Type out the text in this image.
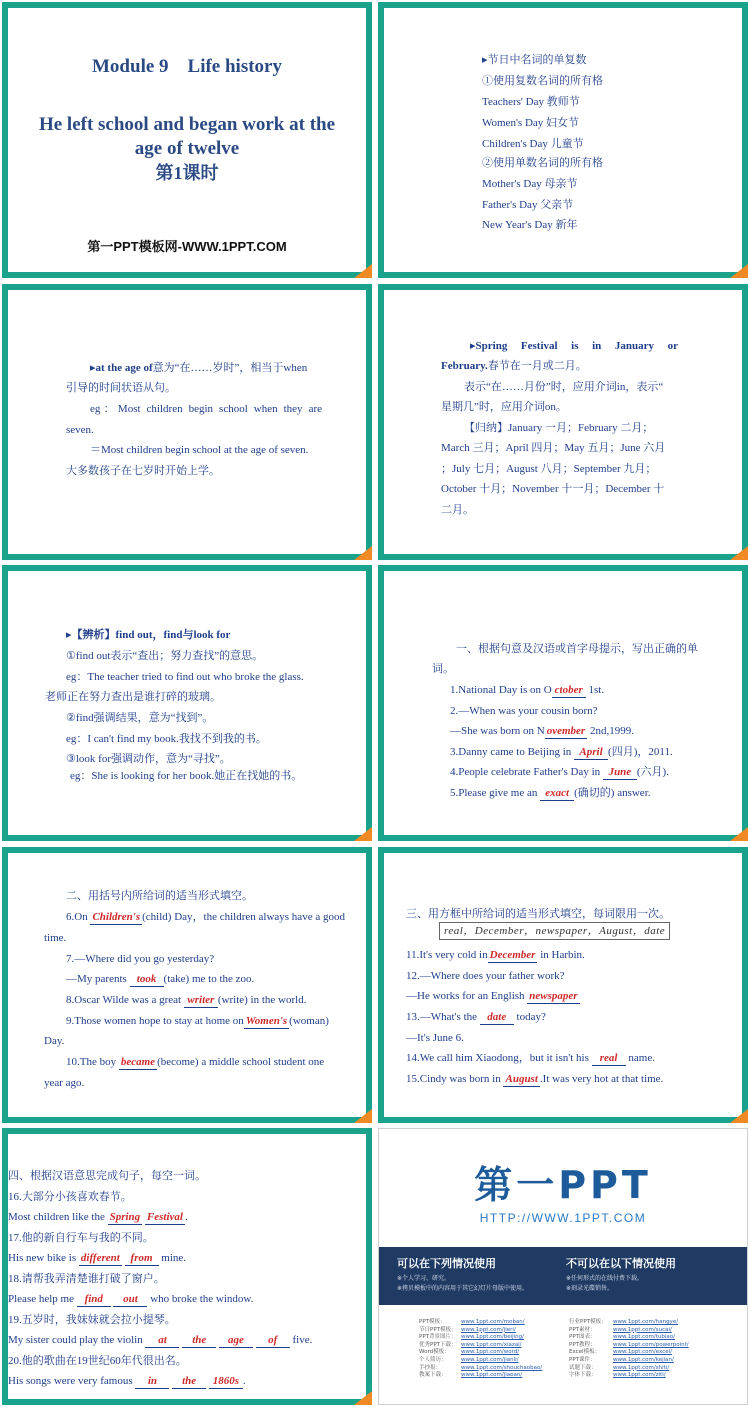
Module 9　Life history
He left school and began work at the
age of twelve
第1课时
第一PPT模板网-WWW.1PPT.COM
▸节日中名词的单复数
①使用复数名词的所有格
Teachers' Day 教师节
Women's Day 妇女节
Children's Day 儿童节
②使用单数名词的所有格
Mother's Day 母亲节
Father's Day 父亲节
New Year's Day 新年
▸at the age of意为“在……岁时”，相当于when
引导的时间状语从句。
eg：Most children begin school when they are
seven.
＝Most children begin school at the age of seven.
大多数孩子在七岁时开始上学。
▸Spring Festival is in January or
February.春节在一月或二月。
表示“在……月份”时，应用介词in，表示“
星期几”时，应用介词on。
【归纳】January 一月；February 二月；
March 三月；April 四月；May 五月；June 六月
；July 七月；August 八月；September 九月；
October 十月；November 十一月；December 十
二月。
▸【辨析】find out，find与look for
①find out表示“查出；努力查找”的意思。
eg：The teacher tried to find out who broke the glass.
老师正在努力查出是谁打碎的玻璃。
②find强调结果，意为“找到”。
eg：I can't find my book.我找不到我的书。
③look for强调动作，意为“寻找”。
eg：She is looking for her book.她正在找她的书。
一、根据句意及汉语或首字母提示，写出正确的单
词。
1.National Day is on O ctober 1st.
2.—When was your cousin born?
—She was born on N ovember 2nd,1999.
3.Danny came to Beijing in April (四月)，2011.
4.People celebrate Father's Day in June (六月).
5.Please give me an exact (确切的) answer.
二、用括号内所给词的适当形式填空。
6.On Children's (child) Day，the children always have a good
time.
7.—Where did you go yesterday?
—My parents took (take) me to the zoo.
8.Oscar Wilde was a great writer (write) in the world.
9.Those women hope to stay at home on Women's (woman)
Day.
10.The boy became (become) a middle school student one
year ago.
三、用方框中所给词的适当形式填空，每词限用一次。
real，December，newspaper，August，date
11.It's very cold in December in Harbin.
12.—Where does your father work?
—He works for an English newspaper
13.—What's the date today?
—It's June 6.
14.We call him Xiaodong，but it isn't his real name.
15.Cindy was born in August .It was very hot at that time.
四、根据汉语意思完成句子，每空一词。
16.大部分小孩喜欢春节。
Most children like the Spring Festival .
17.他的新自行车与我的不同。
His new bike is different from mine.
18.请帮我弄清楚谁打破了窗户。
Please help me find out who broke the window.
19.五岁时，我妹妹就会拉小提琴。
My sister could play the violin at the age of five.
20.他的歌曲在19世纪60年代很出名。
His songs were very famous in the 1860s .
第一PPT
HTTP://WWW.1PPT.COM
可以在下列情况使用
※个人学习、研究。
※拷贝模板中的内容用于其它幻灯片母版中使用。
不可以在以下情况使用
※任何形式的在线付费下载。
※刻录光碟销售。
PPT模板：	www.1ppt.com/moban/
节日PPT模板： www.1ppt.com/jieri/
PPT背景图片： www.1ppt.com/beijing/
优秀PPT下载： www.1ppt.com/xiazai/
Word模板： www.1ppt.com/word/
个人简历：	www.1ppt.com/jianli/
手抄报：	www.1ppt.com/shouchaobao/
教案下载：	www.1ppt.com/jiaoan/
行业PPT模板： www.1ppt.com/hangye/
PPT素材：	www.1ppt.com/sucai/
PPT图表：	www.1ppt.com/tubiao/
PPT教程：	www.1ppt.com/powerpoint/
Excel模板： www.1ppt.com/excel/
PPT课件：	www.1ppt.com/kejian/
试题下载：	www.1ppt.com/shiti/
字体下载：	www.1ppt.com/ziti/
